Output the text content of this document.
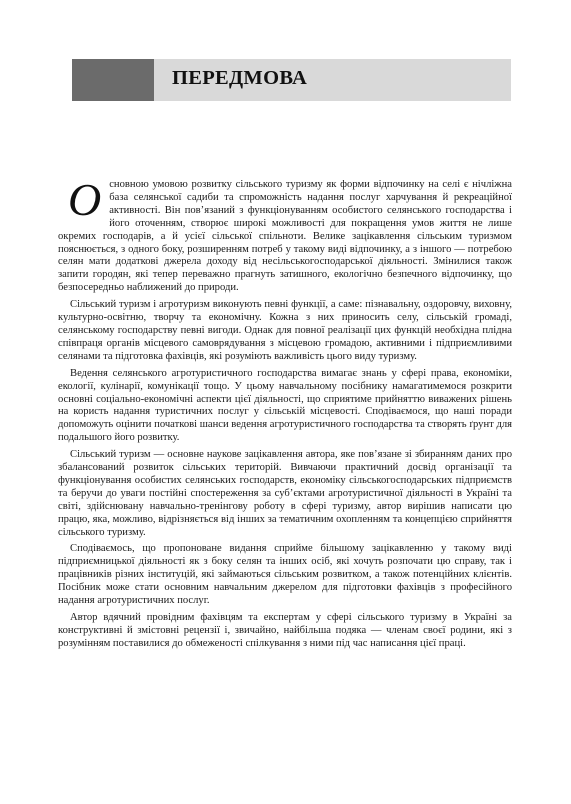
ПЕРЕДМОВА

О сновною умовою розвитку сільського туризму як форми відпочинку на селі є нічліжна база селянської садиби та спроможність надання послуг харчування й рекреаційної активності. Він пов’язаний з функціонуванням особистого селянського господарства і його оточенням, створює широкі можливості для покращення умов життя не лише окремих господарів, а й усієї сільської спільноти. Велике зацікавлення сільським туризмом пояснюється, з одного боку, розширенням потреб у такому виді відпочинку, а з іншого — потребою селян мати додаткові джерела доходу від несільськогосподарської діяльності. Змінилися також запити городян, які тепер переважно прагнуть затишного, екологічно безпечного відпочинку, що безпосередньо наближений до природи.

Сільський туризм і агротуризм виконують певні функції, а саме: пізнавальну, оздоровчу, виховну, культурно-освітню, творчу та економічну. Кожна з них приносить селу, сільській громаді, селянському господарству певні вигоди. Однак для повної реалізації цих функцій необхідна плідна співпраця органів місцевого самоврядування з місцевою громадою, активними і підприємливими селянами та підготовка фахівців, які розуміють важливість цього виду туризму.

Ведення селянського агротуристичного господарства вимагає знань у сфері права, економіки, екології, кулінарії, комунікації тощо. У цьому навчальному посібнику намагатимемося розкрити основні соціально-економічні аспекти цієї діяльності, що сприятиме прийняттю виважених рішень на користь надання туристичних послуг у сільській місцевості. Сподіваємося, що наші поради допоможуть оцінити початкові шанси ведення агротуристичного господарства та створять ґрунт для подальшого його розвитку.

Сільський туризм — основне наукове зацікавлення автора, яке пов’язане зі збиранням даних про збалансований розвиток сільських територій. Вивчаючи практичний досвід організації та функціонування особистих селянських господарств, економіку сільськогосподарських підприємств та беручи до уваги постійні спостереження за суб’єктами агротуристичної діяльності в Україні та світі, здійснювану навчально-тренінгову роботу в сфері туризму, автор вирішив написати цю працю, яка, можливо, відрізняється від інших за тематичним охопленням та концепцією сприйняття сільського туризму.

Сподіваємось, що пропоноване видання сприйме більшому зацікавленню у такому виді підприємницької діяльності як з боку селян та інших осіб, які хочуть розпочати цю справу, так і працівників різних інституцій, які займаються сільським розвитком, а також потенційних клієнтів. Посібник може стати основним навчальним джерелом для підготовки фахівців з професійного надання агротуристичних послуг.

Автор вдячний провідним фахівцям та експертам у сфері сільського туризму в Україні за конструктивні й змістовні рецензії і, звичайно, найбільша подяка — членам своєї родини, які з розумінням поставилися до обмеженості спілкування з ними під час написання цієї праці.
